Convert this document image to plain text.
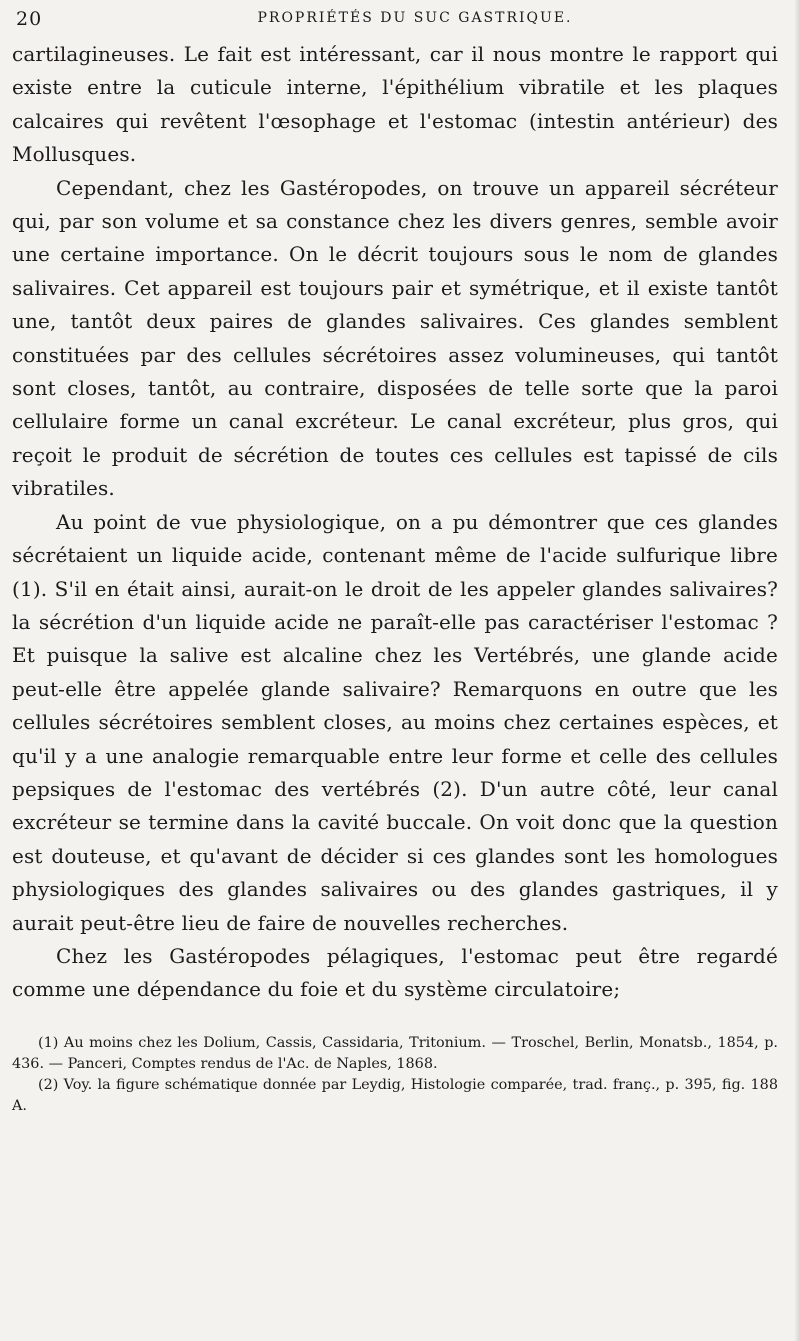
20	PROPRIÉTÉS DU SUC GASTRIQUE.

cartilagineuses. Le fait est intéressant, car il nous montre le rapport qui existe entre la cuticule interne, l'épithélium vibratile et les plaques calcaires qui revêtent l'œsophage et l'estomac (intestin antérieur) des Mollusques.

Cependant, chez les Gastéropodes, on trouve un appareil sécréteur qui, par son volume et sa constance chez les divers genres, semble avoir une certaine importance. On le décrit toujours sous le nom de glandes salivaires. Cet appareil est toujours pair et symétrique, et il existe tantôt une, tantôt deux paires de glandes salivaires. Ces glandes semblent constituées par des cellules sécrétoires assez volumineuses, qui tantôt sont closes, tantôt, au contraire, disposées de telle sorte que la paroi cellulaire forme un canal excréteur. Le canal excréteur, plus gros, qui reçoit le produit de sécrétion de toutes ces cellules est tapissé de cils vibratiles.

Au point de vue physiologique, on a pu démontrer que ces glandes sécrétaient un liquide acide, contenant même de l'acide sulfurique libre (1). S'il en était ainsi, aurait-on le droit de les appeler glandes salivaires? la sécrétion d'un liquide acide ne paraît-elle pas caractériser l'estomac ? Et puisque la salive est alcaline chez les Vertébrés, une glande acide peut-elle être appelée glande salivaire? Remarquons en outre que les cellules sécrétoires semblent closes, au moins chez certaines espèces, et qu'il y a une analogie remarquable entre leur forme et celle des cellules pepsiques de l'estomac des vertébrés (2). D'un autre côté, leur canal excréteur se termine dans la cavité buccale. On voit donc que la question est douteuse, et qu'avant de décider si ces glandes sont les homologues physiologiques des glandes salivaires ou des glandes gastriques, il y aurait peut-être lieu de faire de nouvelles recherches.

Chez les Gastéropodes pélagiques, l'estomac peut être regardé comme une dépendance du foie et du système circulatoire;

(1) Au moins chez les Dolium, Cassis, Cassidaria, Tritonium. — Troschel, Berlin, Monatsb., 1854, p. 436. — Panceri, Comptes rendus de l'Ac. de Naples, 1868.

(2) Voy. la figure schématique donnée par Leydig, Histologie comparée, trad. franç., p. 395, fig. 188 A.
